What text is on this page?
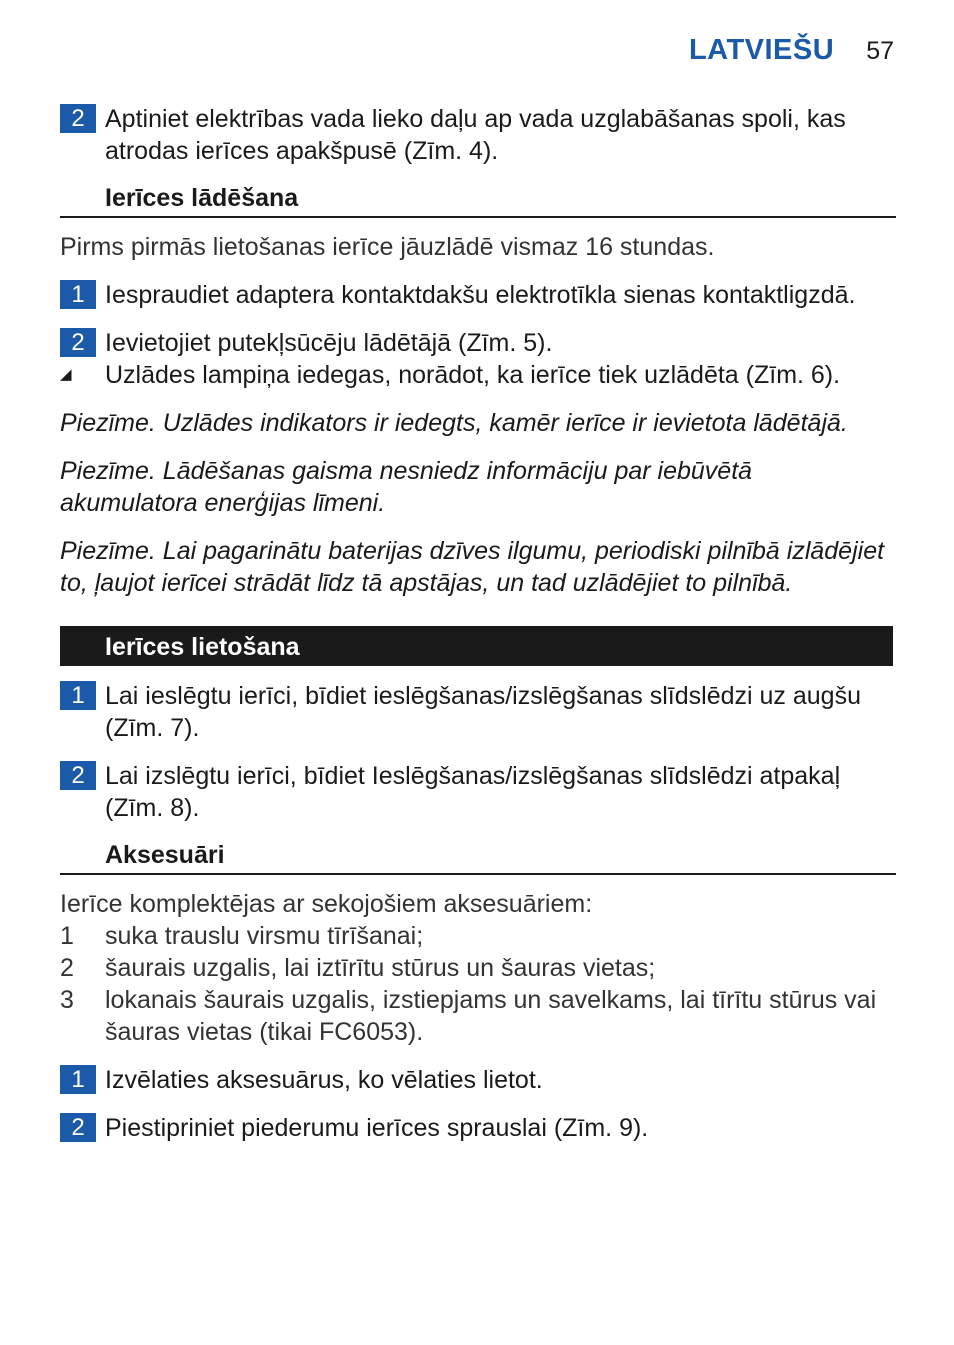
LATVIEŠU 57
2 Aptiniet elektrības vada lieko daļu ap vada uzglabāšanas spoli, kas atrodas ierīces apakšpusē (Zīm. 4).
Ierīces lādēšana
Pirms pirmās lietošanas ierīce jāuzlādē vismaz 16 stundas.
1 Iespraudiet adaptera kontaktdakšu elektrotīkla sienas kontaktligzdā.
2 Ievietojiet putekļsūcēju lādētājā (Zīm. 5).
◢	Uzlādes lampiņa iedegas, norādot, ka ierīce tiek uzlādēta (Zīm. 6).
Piezīme. Uzlādes indikators ir iedegts, kamēr ierīce ir ievietota lādētājā.
Piezīme. Lādēšanas gaisma nesniedz informāciju par iebūvētā akumulatora enerģijas līmeni.
Piezīme. Lai pagarinātu baterijas dzīves ilgumu, periodiski pilnībā izlādējiet to, ļaujot ierīcei strādāt līdz tā apstājas, un tad uzlādējiet to pilnībā.
Ierīces lietošana
1 Lai ieslēgtu ierīci, bīdiet ieslēgšanas/izslēgšanas slīdslēdzi uz augšu (Zīm. 7).
2 Lai izslēgtu ierīci, bīdiet Ieslēgšanas/izslēgšanas slīdslēdzi atpakaļ (Zīm. 8).
Aksesuāri
Ierīce komplektējas ar sekojošiem aksesuāriem:
1	suka trauslu virsmu tīrīšanai;
2	šaurais uzgalis, lai iztīrītu stūrus un šauras vietas;
3	lokanais šaurais uzgalis, izstiepjams un savelkams, lai tīrītu stūrus vai šauras vietas (tikai FC6053).
1 Izvēlaties aksesuārus, ko vēlaties lietot.
2 Piestipriniet piederumu ierīces sprauslai (Zīm. 9).
